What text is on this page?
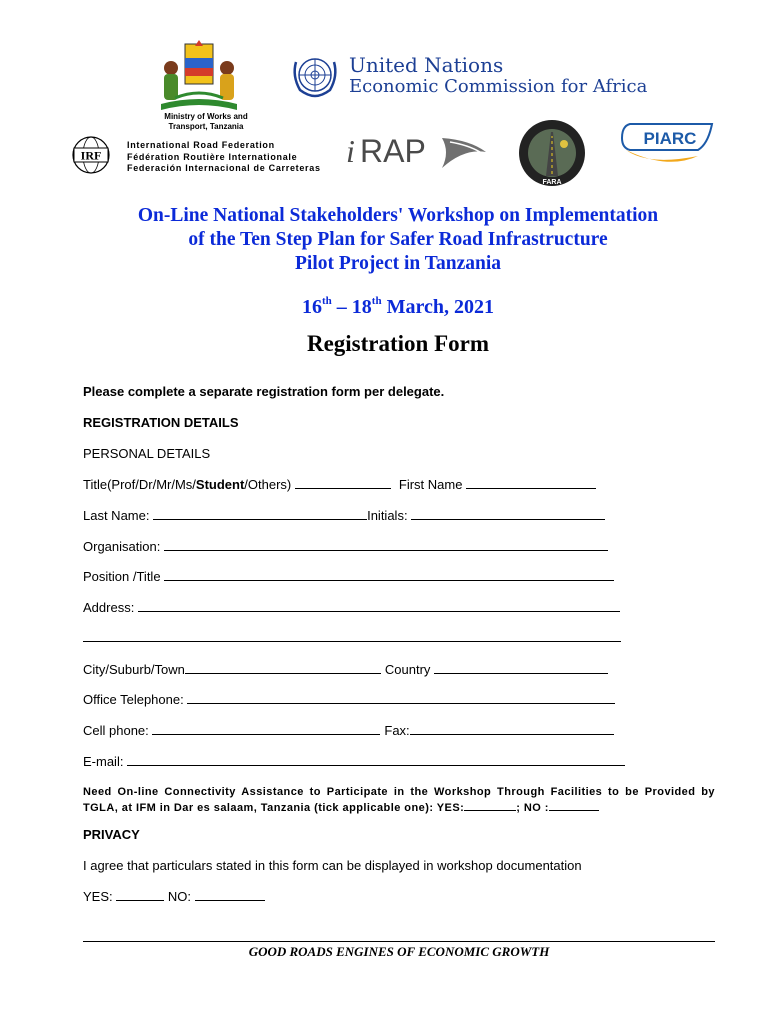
Ministry of Works and
Transport, Tanzania
United Nations
Economic Commission for Africa
IRF
International Road Federation
Fédération Routière Internationale
Federación Internacional de Carreteras i RAP
FARA
PIARC
On-Line National Stakeholders' Workshop on Implementation
of the Ten Step Plan for Safer Road Infrastructure
Pilot Project in Tanzania
16th – 18th March, 2021
Registration Form
Please complete a separate registration form per delegate.
REGISTRATION DETAILS
PERSONAL DETAILS
Title(Prof/Dr/Mr/Ms/Student/Others)	First Name
Last Name:	Initials:
Organisation:
Position /Title
Address:
City/Suburb/Town	Country
Office Telephone:
Cell phone:	Fax:
E-mail:
Need On-line Connectivity Assistance to Participate in the Workshop Through Facilities to be Provided by TGLA, at IFM in Dar es salaam, Tanzania (tick applicable one): YES:	; NO :
PRIVACY
I agree that particulars stated in this form can be displayed in workshop documentation
YES:	NO:
GOOD ROADS ENGINES OF ECONOMIC GROWTH
